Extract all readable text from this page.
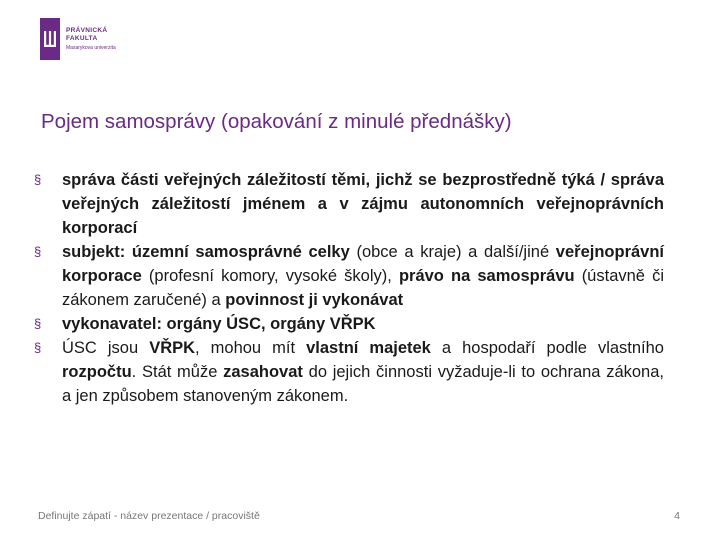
PRÁVNICKÁ
FAKULTA
Masarykova univerzita
Pojem samosprávy (opakování z minulé přednášky)
§ správa části veřejných záležitostí těmi, jichž se bezprostředně týká / správa veřejných záležitostí jménem a v zájmu autonomních veřejnoprávních korporací
§ subjekt: územní samosprávné celky (obce a kraje) a další/jiné veřejnoprávní korporace (profesní komory, vysoké školy), právo na samosprávu (ústavně či zákonem zaručené) a povinnost ji vykonávat
§ vykonavatel: orgány ÚSC, orgány VŘPK
§ ÚSC jsou VŘPK, mohou mít vlastní majetek a hospodaří podle vlastního rozpočtu. Stát může zasahovat do jejich činnosti vyžaduje-li to ochrana zákona, a jen způsobem stanoveným zákonem.
Definujte zápatí - název prezentace / pracoviště	4
